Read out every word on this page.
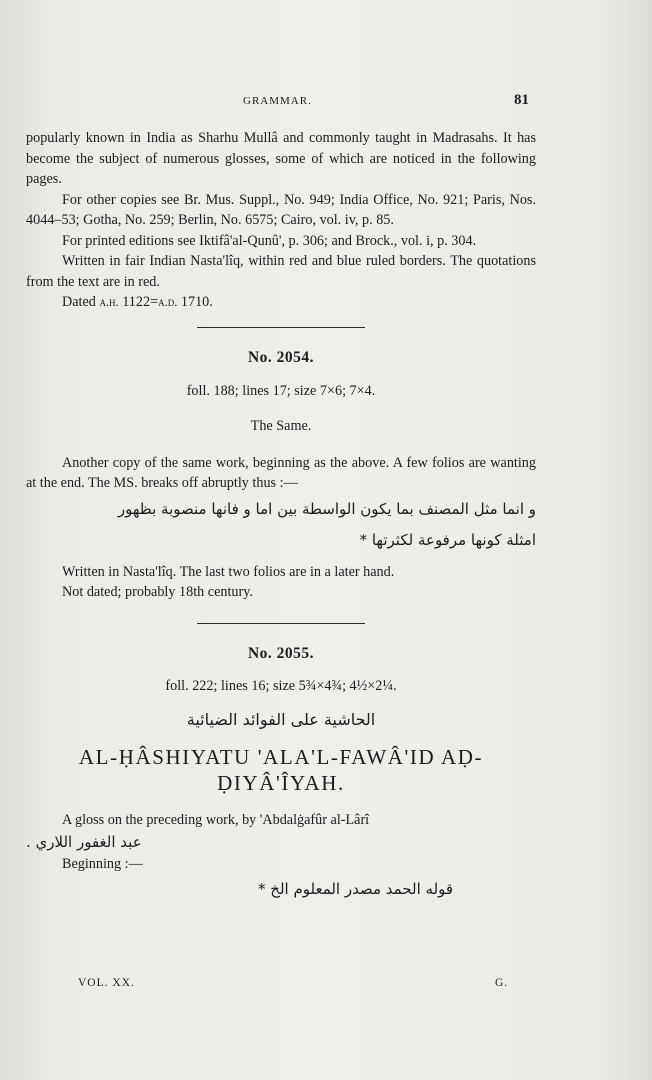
GRAMMAR.	81

popularly known in India as Sharhu Mullâ and commonly taught in Madrasahs. It has become the subject of numerous glosses, some of which are noticed in the following pages.

For other copies see Br. Mus. Suppl., No. 949; India Office, No. 921; Paris, Nos. 4044–53; Gotha, No. 259; Berlin, No. 6575; Cairo, vol. iv, p. 85.

For printed editions see Iktifâ'al-Qunû', p. 306; and Brock., vol. i, p. 304.

Written in fair Indian Nasta'lîq, within red and blue ruled borders. The quotations from the text are in red.

Dated a.h. 1122=a.d. 1710.

No. 2054.
foll. 188; lines 17; size 7×6; 7×4.
The Same.

Another copy of the same work, beginning as the above. A few folios are wanting at the end. The MS. breaks off abruptly thus :—

و انما مثل المصنف بما يكون الواسطة بين اما و فانها منصوبة بظهور
امثلة كونها مرفوعة لكثرتها *

Written in Nasta'lîq. The last two folios are in a later hand.

Not dated; probably 18th century.

No. 2055.
foll. 222; lines 16; size 5¾×4¾; 4½×2¼.
الحاشية على الفوائد الضيائية
AL-ḤÂSHIYATU 'ALA'L-FAWÂ'ID AḌ-
ḌIYÂ'ÎYAH.

A gloss on the preceding work, by 'Abdalġafûr al-Lârî

عبد الغفور اللاري .

Beginning :—

قوله الحمد مصدر المعلوم الخ *
VOL. XX.	G.
